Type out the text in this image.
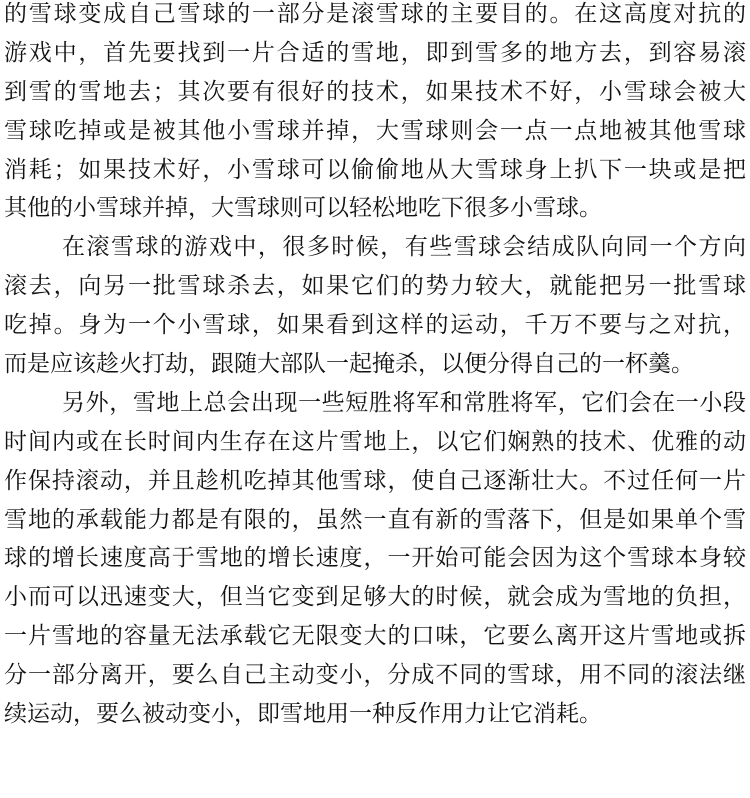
的雪球变成自己雪球的一部分是滚雪球的主要目的。在这高度对抗的
游戏中，首先要找到一片合适的雪地，即到雪多的地方去，到容易滚
到雪的雪地去；其次要有很好的技术，如果技术不好，小雪球会被大
雪球吃掉或是被其他小雪球并掉，大雪球则会一点一点地被其他雪球
消耗；如果技术好，小雪球可以偷偷地从大雪球身上扒下一块或是把
其他的小雪球并掉，大雪球则可以轻松地吃下很多小雪球。
在滚雪球的游戏中，很多时候，有些雪球会结成队向同一个方向
滚去，向另一批雪球杀去，如果它们的势力较大，就能把另一批雪球
吃掉。身为一个小雪球，如果看到这样的运动，千万不要与之对抗，
而是应该趁火打劫，跟随大部队一起掩杀，以便分得自己的一杯羹。
另外，雪地上总会出现一些短胜将军和常胜将军，它们会在一小段
时间内或在长时间内生存在这片雪地上，以它们娴熟的技术、优雅的动
作保持滚动，并且趁机吃掉其他雪球，使自己逐渐壮大。不过任何一片
雪地的承载能力都是有限的，虽然一直有新的雪落下，但是如果单个雪
球的增长速度高于雪地的增长速度，一开始可能会因为这个雪球本身较
小而可以迅速变大，但当它变到足够大的时候，就会成为雪地的负担，
一片雪地的容量无法承载它无限变大的口味，它要么离开这片雪地或拆
分一部分离开，要么自己主动变小，分成不同的雪球，用不同的滚法继
续运动，要么被动变小，即雪地用一种反作用力让它消耗。
